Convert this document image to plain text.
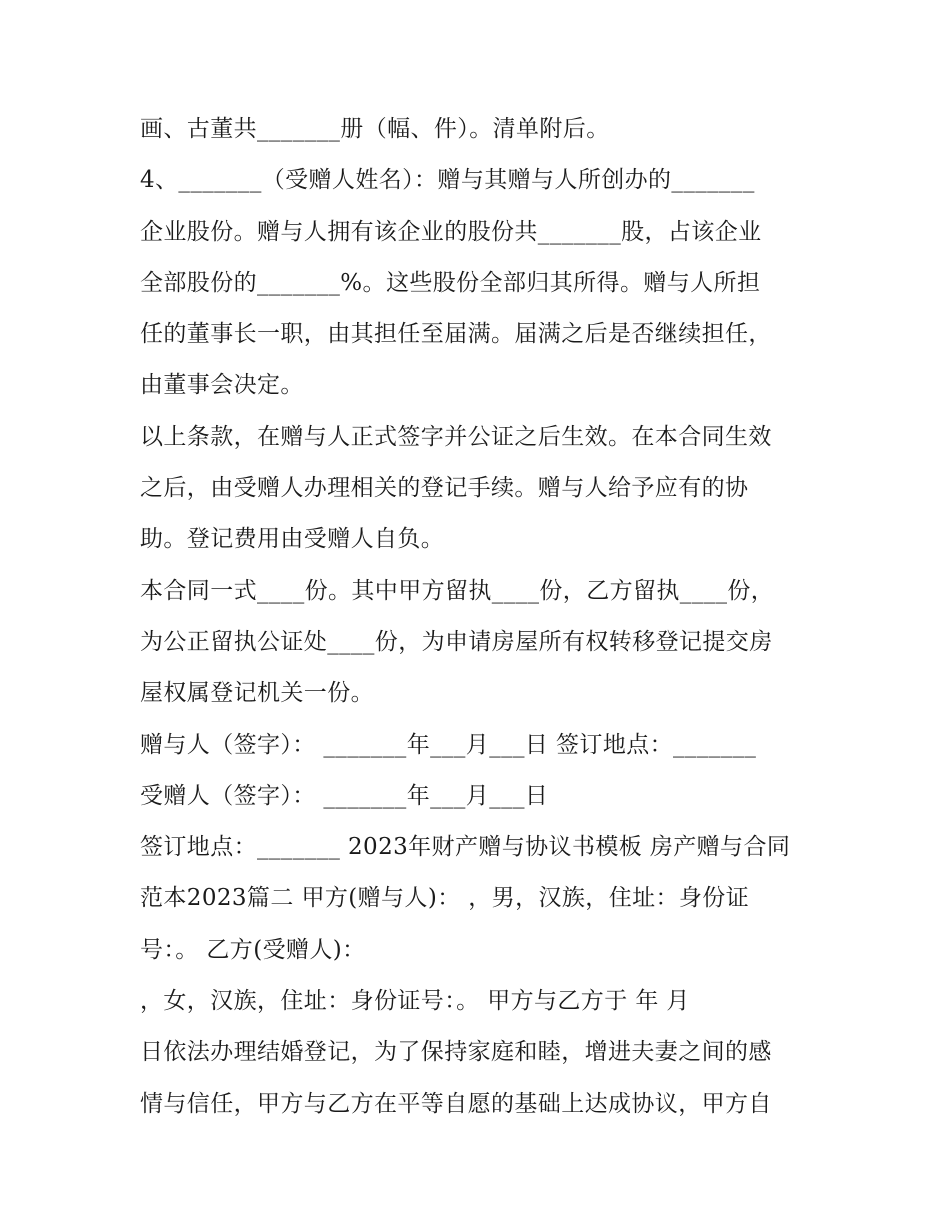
画、古董共_______册（幅、件）。清单附后。
4、_______（受赠人姓名）：赠与其赠与人所创办的_______
企业股份。赠与人拥有该企业的股份共_______股，占该企业
全部股份的_______%。这些股份全部归其所得。赠与人所担
任的董事长一职，由其担任至届满。届满之后是否继续担任，
由董事会决定。
以上条款，在赠与人正式签字并公证之后生效。在本合同生效
之后，由受赠人办理相关的登记手续。赠与人给予应有的协
助。登记费用由受赠人自负。
本合同一式____份。其中甲方留执____份，乙方留执____份，
为公正留执公证处____份，为申请房屋所有权转移登记提交房
屋权属登记机关一份。
赠与人（签字）： _______年___月___日 签订地点：_______
受赠人（签字）： _______年___月___日
签订地点：_______ 2023年财产赠与协议书模板 房产赠与合同
范本2023篇二 甲方(赠与人)： ，男，汉族，住址：身份证
号：。 乙方(受赠人)：
，女，汉族，住址：身份证号：。 甲方与乙方于 年 月
日依法办理结婚登记，为了保持家庭和睦，增进夫妻之间的感
情与信任，甲方与乙方在平等自愿的基础上达成协议，甲方自
